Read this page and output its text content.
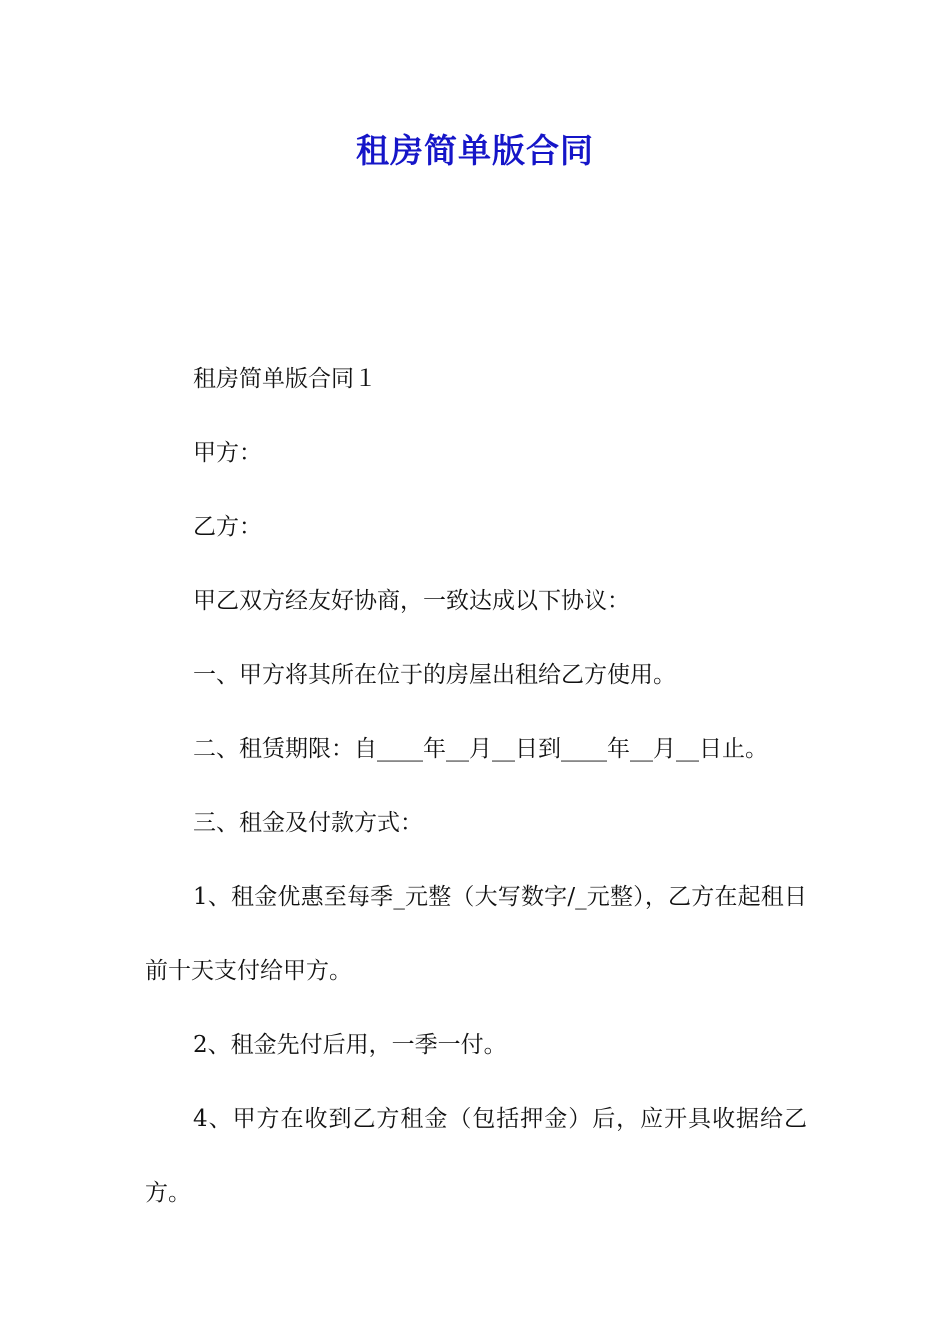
租房简单版合同

租房简单版合同１

甲方：

乙方：

甲乙双方经友好协商，一致达成以下协议：

一、甲方将其所在位于的房屋出租给乙方使用。

二、租赁期限：自____年__月__日到____年__月__日止。

三、租金及付款方式：

1、租金优惠至每季_元整（大写数字/_元整），乙方在起租日前十天支付给甲方。

2、租金先付后用，一季一付。

4、甲方在收到乙方租金（包括押金）后，应开具收据给乙方。
